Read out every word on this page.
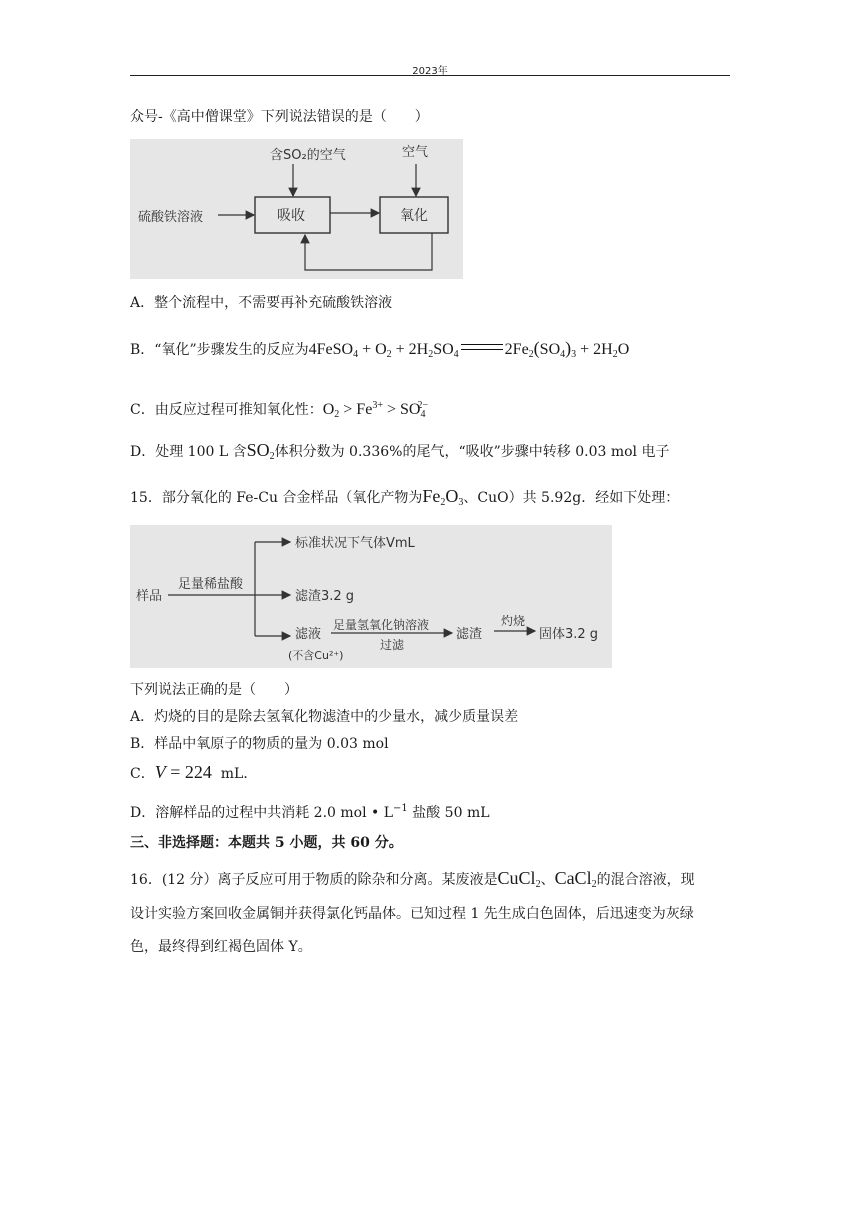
2023年
众号-《高中僧课堂》下列说法错误的是（　　）
含SO₂的空气	空气
硫酸铁溶液	吸收	氧化
A．整个流程中，不需要再补充硫酸铁溶液
B．“氧化”步骤发生的反应为4FeSO$_4$ + $O_2 + 2H_2SO_4$	$2Fe_2(SO_4)_3 + 2H_2O$
C．由反应过程可推知氧化性：$O_2 > Fe^{3+} > SO_4^{2-}$
D．处理 100 L 含$SO_2$体积分数为 0.336%的尾气，“吸收”步骤中转移 0.03 mol 电子
15．部分氧化的 Fe-Cu 合金样品（氧化产物为$Fe_2O_3$、CuO）共 5.92g．经如下处理：
样品
足量稀盐酸
标准状况下气体VmL
滤渣3.2 g
滤液
(不含Cu²⁺)
足量氢氧化钠溶液
过滤
滤渣
灼烧
固体3.2 g
下列说法正确的是（　　）
A．灼烧的目的是除去氢氧化物滤渣中的少量水，减少质量误差
B．样品中氧原子的物质的量为 0.03 mol
C．V = 224 mL．
D．溶解样品的过程中共消耗 2.0 mol • $L^{-1}$ 盐酸 50 mL
三、非选择题：本题共 5 小题，共 60 分。
16．(12 分）离子反应可用于物质的除杂和分离。某废液是CuCl$_2$、CaCl$_2$的混合溶液，现
设计实验方案回收金属铜并获得氯化钙晶体。已知过程 1 先生成白色固体，后迅速变为灰绿
色，最终得到红褐色固体 Y。
